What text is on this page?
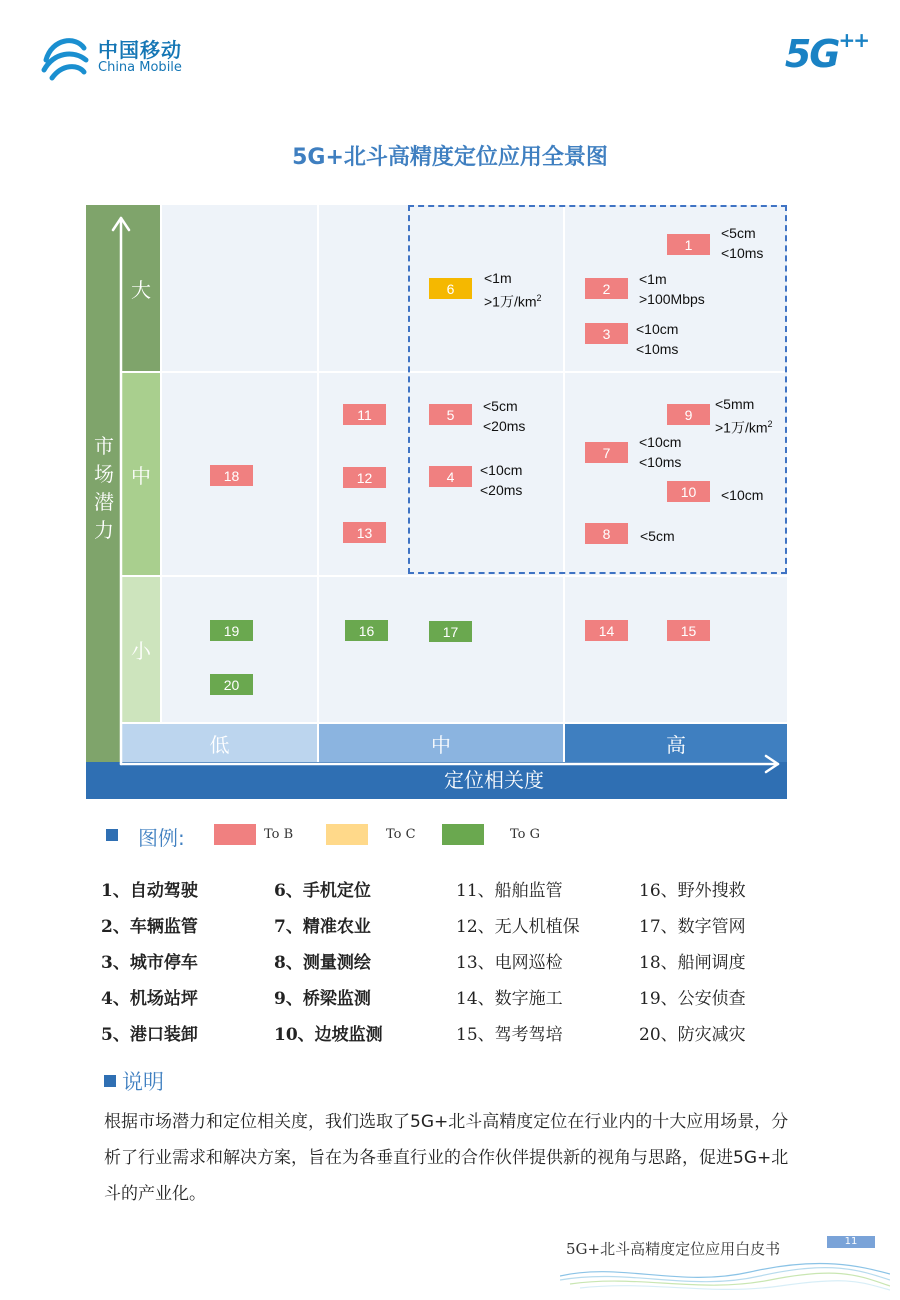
中国移动
China Mobile	5G++
5G+北斗高精度定位应用全景图
市场潜力
定位相关度
大
中
小
低	中	高
1
2
3
4
5
6
7
8
9
10
11
12
13
14	15
16	17
18
19
20
<5cm
<10ms
<1m
>100Mbps
<10cm
<10ms
<1m
>1万$/km^2$
<5cm
<20ms
<10cm
<20ms
<5mm
>1万$/km^2$
<10cm
<10ms
<10cm
<5cm
图例:	To B	To C	To G
1、自动驾驶
2、车辆监管
3、城市停车
4、机场站坪
5、港口装卸
6、手机定位
7、精准农业
8、测量测绘
9、桥梁监测
10、边坡监测
11、船舶监管
12、无人机植保
13、电网巡检
14、数字施工
15、驾考驾培
16、野外搜救
17、数字管网
18、船闸调度
19、公安侦查
20、防灾减灾
说明
根据市场潜力和定位相关度，我们选取了5G+北斗高精度定位在行业内的十大应用场景，分析了行业需求和解决方案，旨在为各垂直行业的合作伙伴提供新的视角与思路，促进5G+北斗的产业化。
5G+北斗高精度定位应用白皮书	11
